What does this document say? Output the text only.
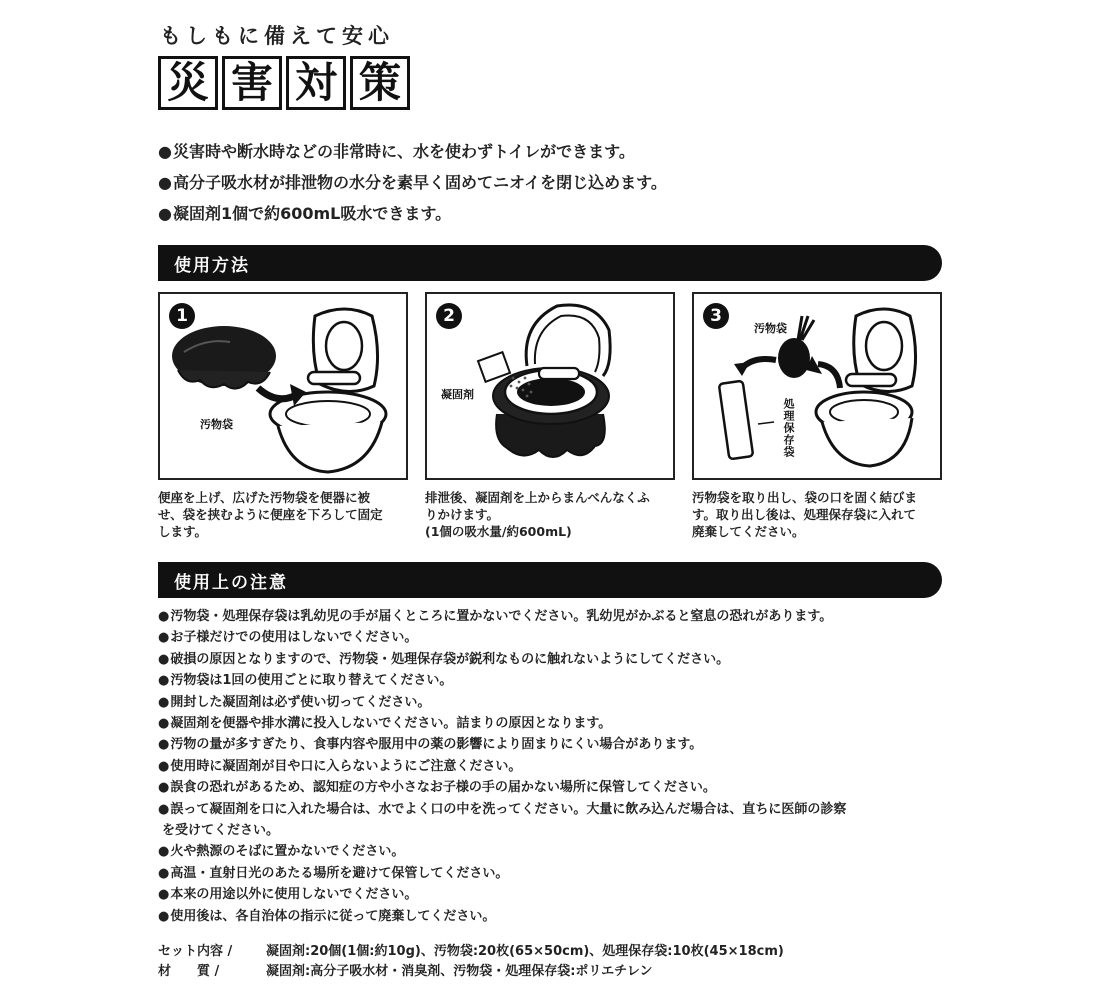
もしもに備えて安心
災 害 対 策
● 災害時や断水時などの非常時に、水を使わずトイレができます。
● 高分子吸水材が排泄物の水分を素早く固めてニオイを閉じ込めます。
● 凝固剤1個で約600mL吸水できます。
使用方法
1
汚物袋
便座を上げ、広げた汚物袋を便器に被
せ、袋を挟むように便座を下ろして固定
します。
2
凝固剤
排泄後、凝固剤を上からまんべんなくふ
りかけます。
(1個の吸水量/約600mL)
3
汚物袋
処理保存袋
汚物袋を取り出し、袋の口を固く結びま
す。取り出し後は、処理保存袋に入れて
廃棄してください。
使用上の注意
● 汚物袋・処理保存袋は乳幼児の手が届くところに置かないでください。乳幼児がかぶると窒息の恐れがあります。
● お子様だけでの使用はしないでください。
● 破損の原因となりますので、汚物袋・処理保存袋が鋭利なものに触れないようにしてください。
● 汚物袋は1回の使用ごとに取り替えてください。
● 開封した凝固剤は必ず使い切ってください。
● 凝固剤を便器や排水溝に投入しないでください。詰まりの原因となります。
● 汚物の量が多すぎたり、食事内容や服用中の薬の影響により固まりにくい場合があります。
● 使用時に凝固剤が目や口に入らないようにご注意ください。
● 誤食の恐れがあるため、認知症の方や小さなお子様の手の届かない場所に保管してください。
● 誤って凝固剤を口に入れた場合は、水でよく口の中を洗ってください。大量に飲み込んだ場合は、直ちに医師の診察
を受けてください。
● 火や熱源のそばに置かないでください。
● 高温・直射日光のあたる場所を避けて保管してください。
● 本来の用途以外に使用しないでください。
● 使用後は、各自治体の指示に従って廃棄してください。
セット内容 /	凝固剤:20個(1個:約10g)、汚物袋:20枚(65×50cm)、処理保存袋:10枚(45×18cm)
材　　質 /	凝固剤:高分子吸水材・消臭剤、汚物袋・処理保存袋:ポリエチレン
